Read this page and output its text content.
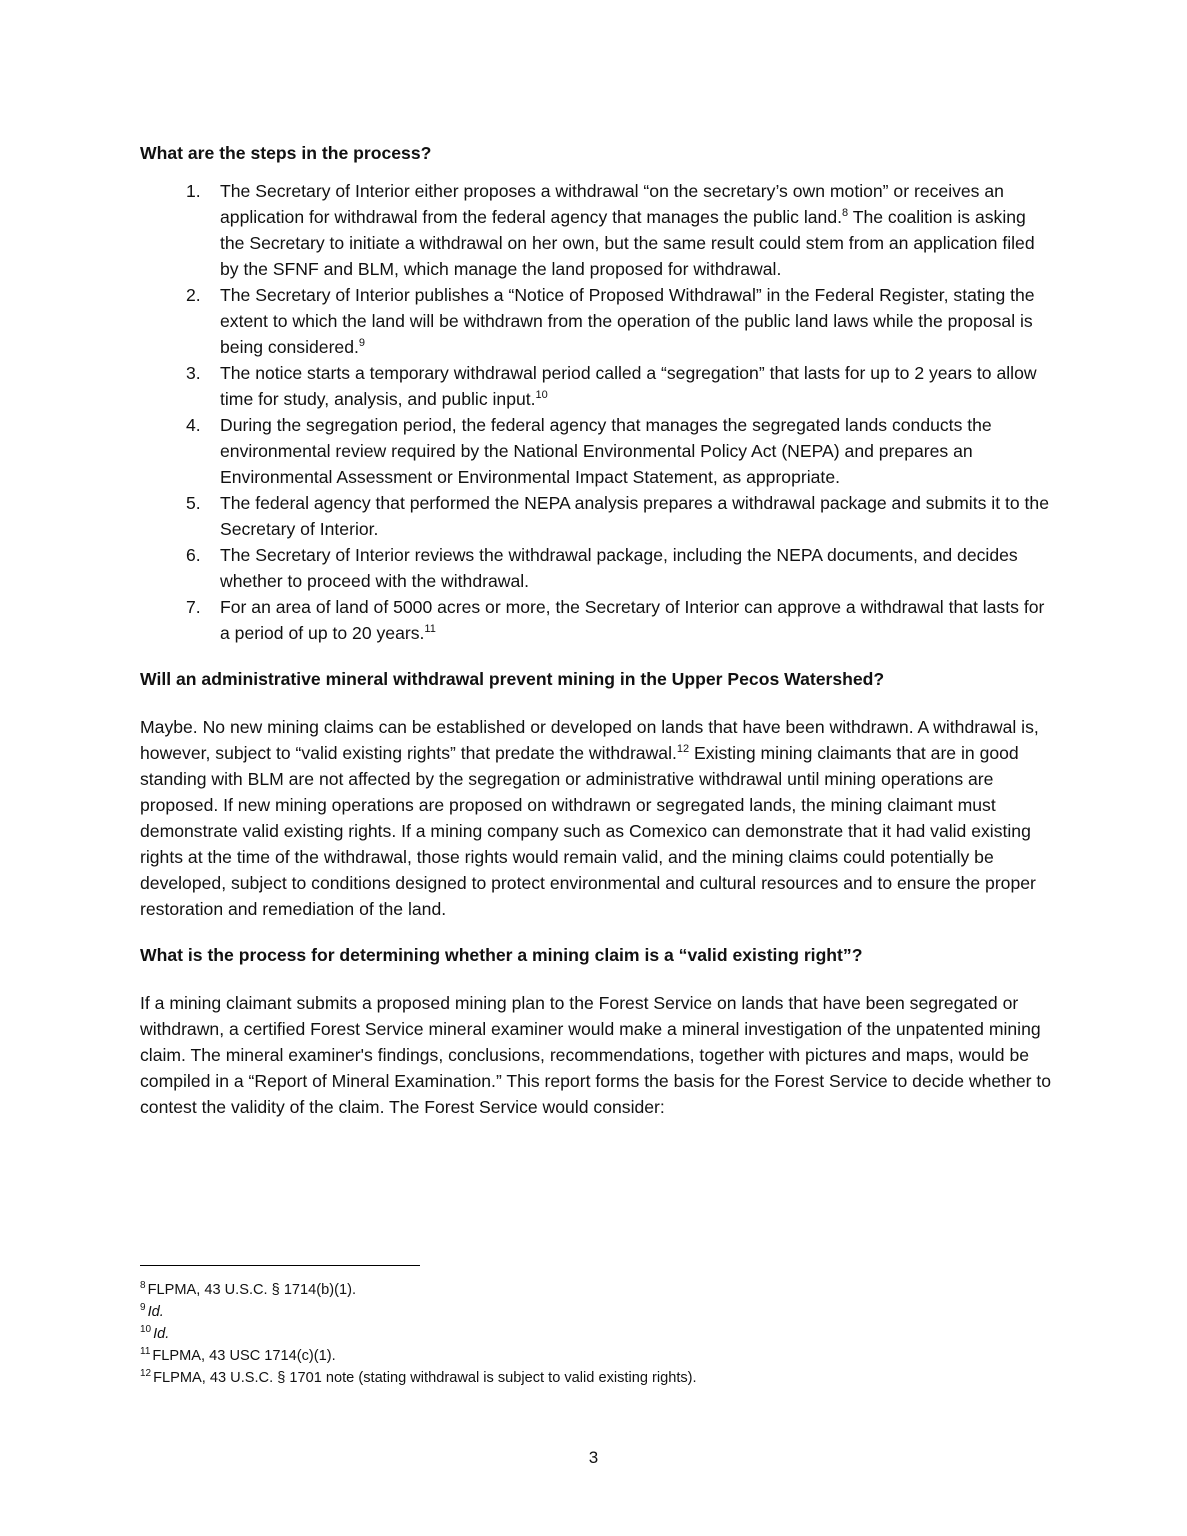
What are the steps in the process?
1. The Secretary of Interior either proposes a withdrawal “on the secretary’s own motion” or receives an application for withdrawal from the federal agency that manages the public land.$^8$ The coalition is asking the Secretary to initiate a withdrawal on her own, but the same result could stem from an application filed by the SFNF and BLM, which manage the land proposed for withdrawal.
2. The Secretary of Interior publishes a “Notice of Proposed Withdrawal” in the Federal Register, stating the extent to which the land will be withdrawn from the operation of the public land laws while the proposal is being considered.$^9$
3. The notice starts a temporary withdrawal period called a “segregation” that lasts for up to 2 years to allow time for study, analysis, and public input.$^{10}$
4. During the segregation period, the federal agency that manages the segregated lands conducts the environmental review required by the National Environmental Policy Act (NEPA) and prepares an Environmental Assessment or Environmental Impact Statement, as appropriate.
5. The federal agency that performed the NEPA analysis prepares a withdrawal package and submits it to the Secretary of Interior.
6. The Secretary of Interior reviews the withdrawal package, including the NEPA documents, and decides whether to proceed with the withdrawal.
7. For an area of land of 5000 acres or more, the Secretary of Interior can approve a withdrawal that lasts for a period of up to 20 years.$^{11}$
Will an administrative mineral withdrawal prevent mining in the Upper Pecos Watershed?

Maybe. No new mining claims can be established or developed on lands that have been withdrawn. A withdrawal is, however, subject to “valid existing rights” that predate the withdrawal.$^{12}$ Existing mining claimants that are in good standing with BLM are not affected by the segregation or administrative withdrawal until mining operations are proposed. If new mining operations are proposed on withdrawn or segregated lands, the mining claimant must demonstrate valid existing rights. If a mining company such as Comexico can demonstrate that it had valid existing rights at the time of the withdrawal, those rights would remain valid, and the mining claims could potentially be developed, subject to conditions designed to protect environmental and cultural resources and to ensure the proper restoration and remediation of the land.

What is the process for determining whether a mining claim is a “valid existing right”?

If a mining claimant submits a proposed mining plan to the Forest Service on lands that have been segregated or withdrawn, a certified Forest Service mineral examiner would make a mineral investigation of the unpatented mining claim. The mineral examiner's findings, conclusions, recommendations, together with pictures and maps, would be compiled in a “Report of Mineral Examination.” This report forms the basis for the Forest Service to decide whether to contest the validity of the claim. The Forest Service would consider:

$^8$ FLPMA, 43 U.S.C. § 1714(b)(1).
$^9$ Id.
$^{10}$ Id.
$^{11}$ FLPMA, 43 USC 1714(c)(1).
$^{12}$ FLPMA, 43 U.S.C. § 1701 note (stating withdrawal is subject to valid existing rights).
3
